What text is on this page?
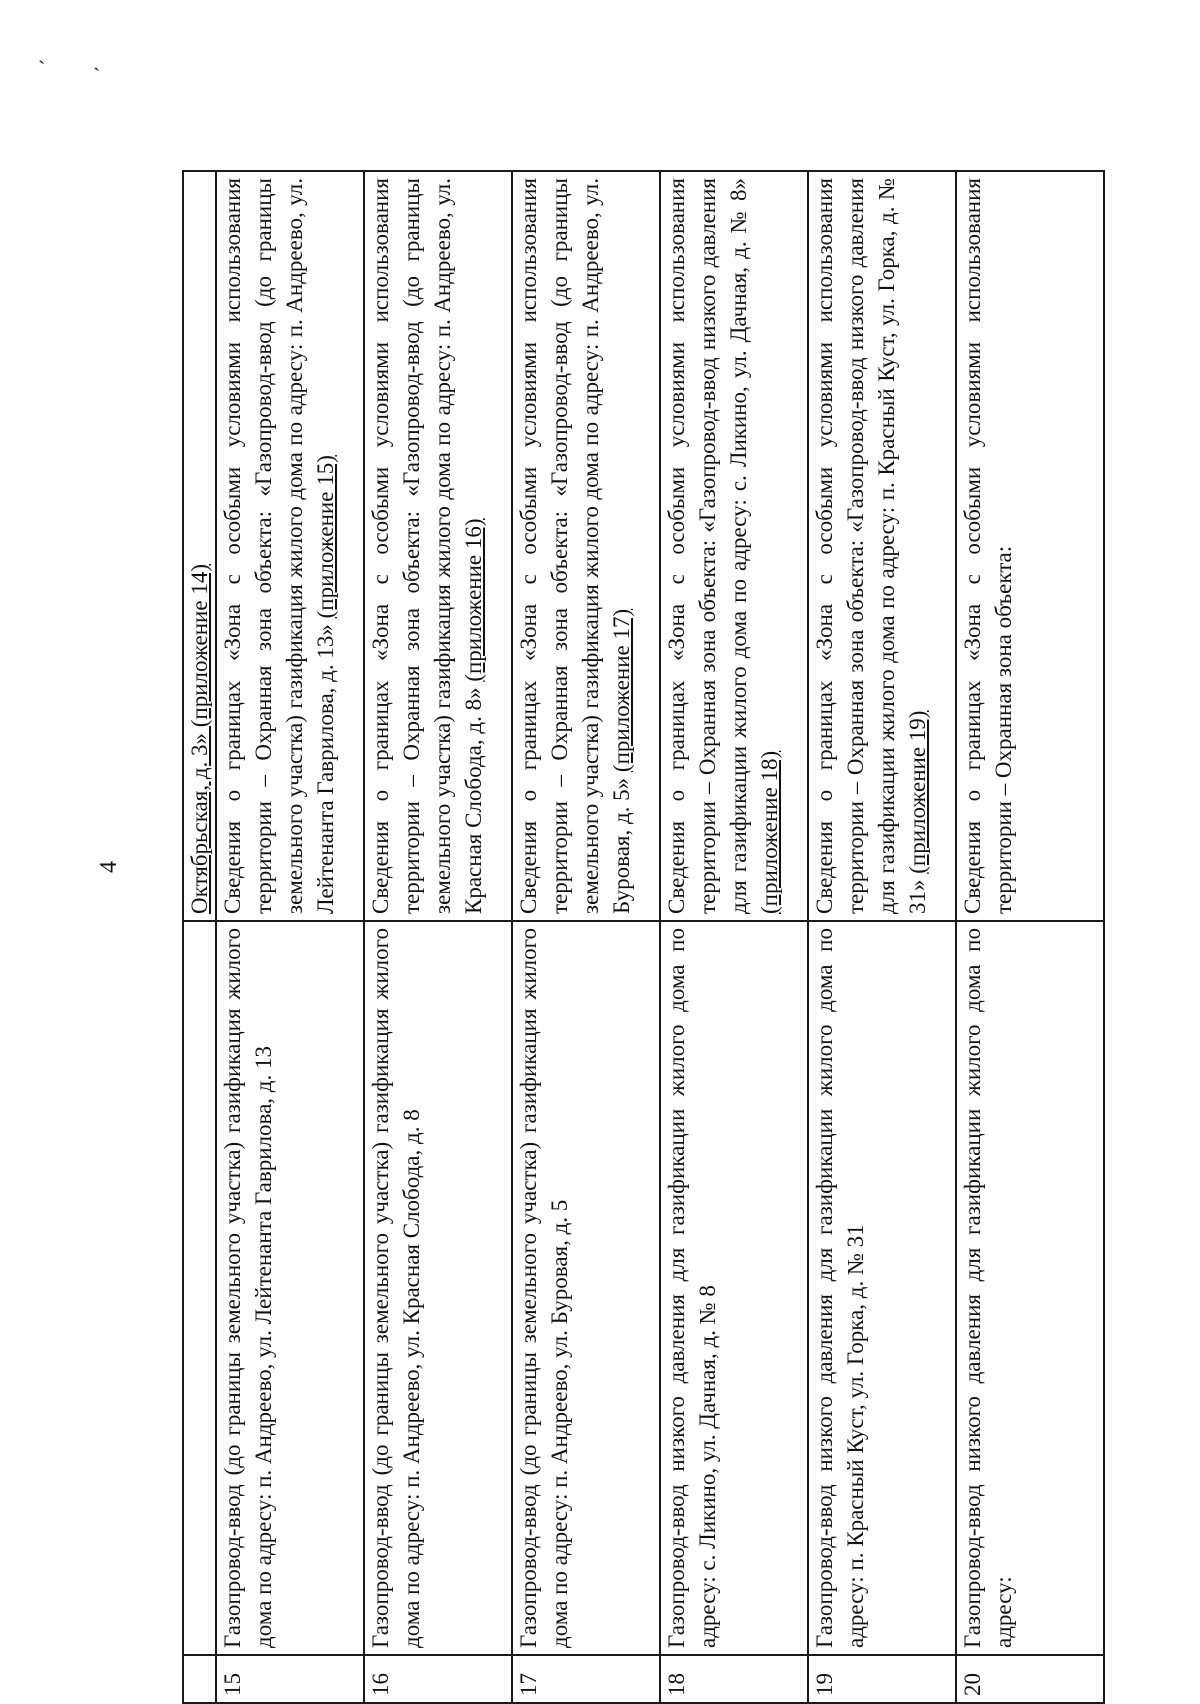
ˋ ˏ
4
			Октябрьская, д. 3» (приложение 14)
15	Газопровод-ввод (до границы земельного участка) газификация жилого дома по адресу: п. Андреево, ул. Лейтенанта Гаврилова, д. 13	Сведения о границах «Зона с особыми условиями использования территории – Охранная зона объекта: «Газопровод-ввод (до границы земельного участка) газификация жилого дома по адресу: п. Андреево, ул. Лейтенанта Гаврилова, д. 13» (приложение 15)
16	Газопровод-ввод (до границы земельного участка) газификация жилого дома по адресу: п. Андреево, ул. Красная Слобода, д. 8	Сведения о границах «Зона с особыми условиями использования территории – Охранная зона объекта: «Газопровод-ввод (до границы земельного участка) газификация жилого дома по адресу: п. Андреево, ул. Красная Слобода, д. 8» (приложение 16)
17	Газопровод-ввод (до границы земельного участка) газификация жилого дома по адресу: п. Андреево, ул. Буровая, д. 5	Сведения о границах «Зона с особыми условиями использования территории – Охранная зона объекта: «Газопровод-ввод (до границы земельного участка) газификация жилого дома по адресу: п. Андреево, ул. Буровая, д. 5» (приложение 17)
18	Газопровод-ввод низкого давления для газификации жилого дома по адресу: с. Ликино, ул. Дачная, д. № 8	Сведения о границах «Зона с особыми условиями использования территории – Охранная зона объекта: «Газопровод-ввод низкого давления для газификации жилого дома по адресу: с. Ликино, ул. Дачная, д. № 8» (приложение 18)
19	Газопровод-ввод низкого давления для газификации жилого дома по адресу: п. Красный Куст, ул. Горка, д. № 31	Сведения о границах «Зона с особыми условиями использования территории – Охранная зона объекта: «Газопровод-ввод низкого давления для газификации жилого дома по адресу: п. Красный Куст, ул. Горка, д. № 31» (приложение 19)
20	Газопровод-ввод низкого давления для газификации жилого дома по адресу:	Сведения о границах «Зона с особыми условиями использования территории – Охранная зона объекта:
